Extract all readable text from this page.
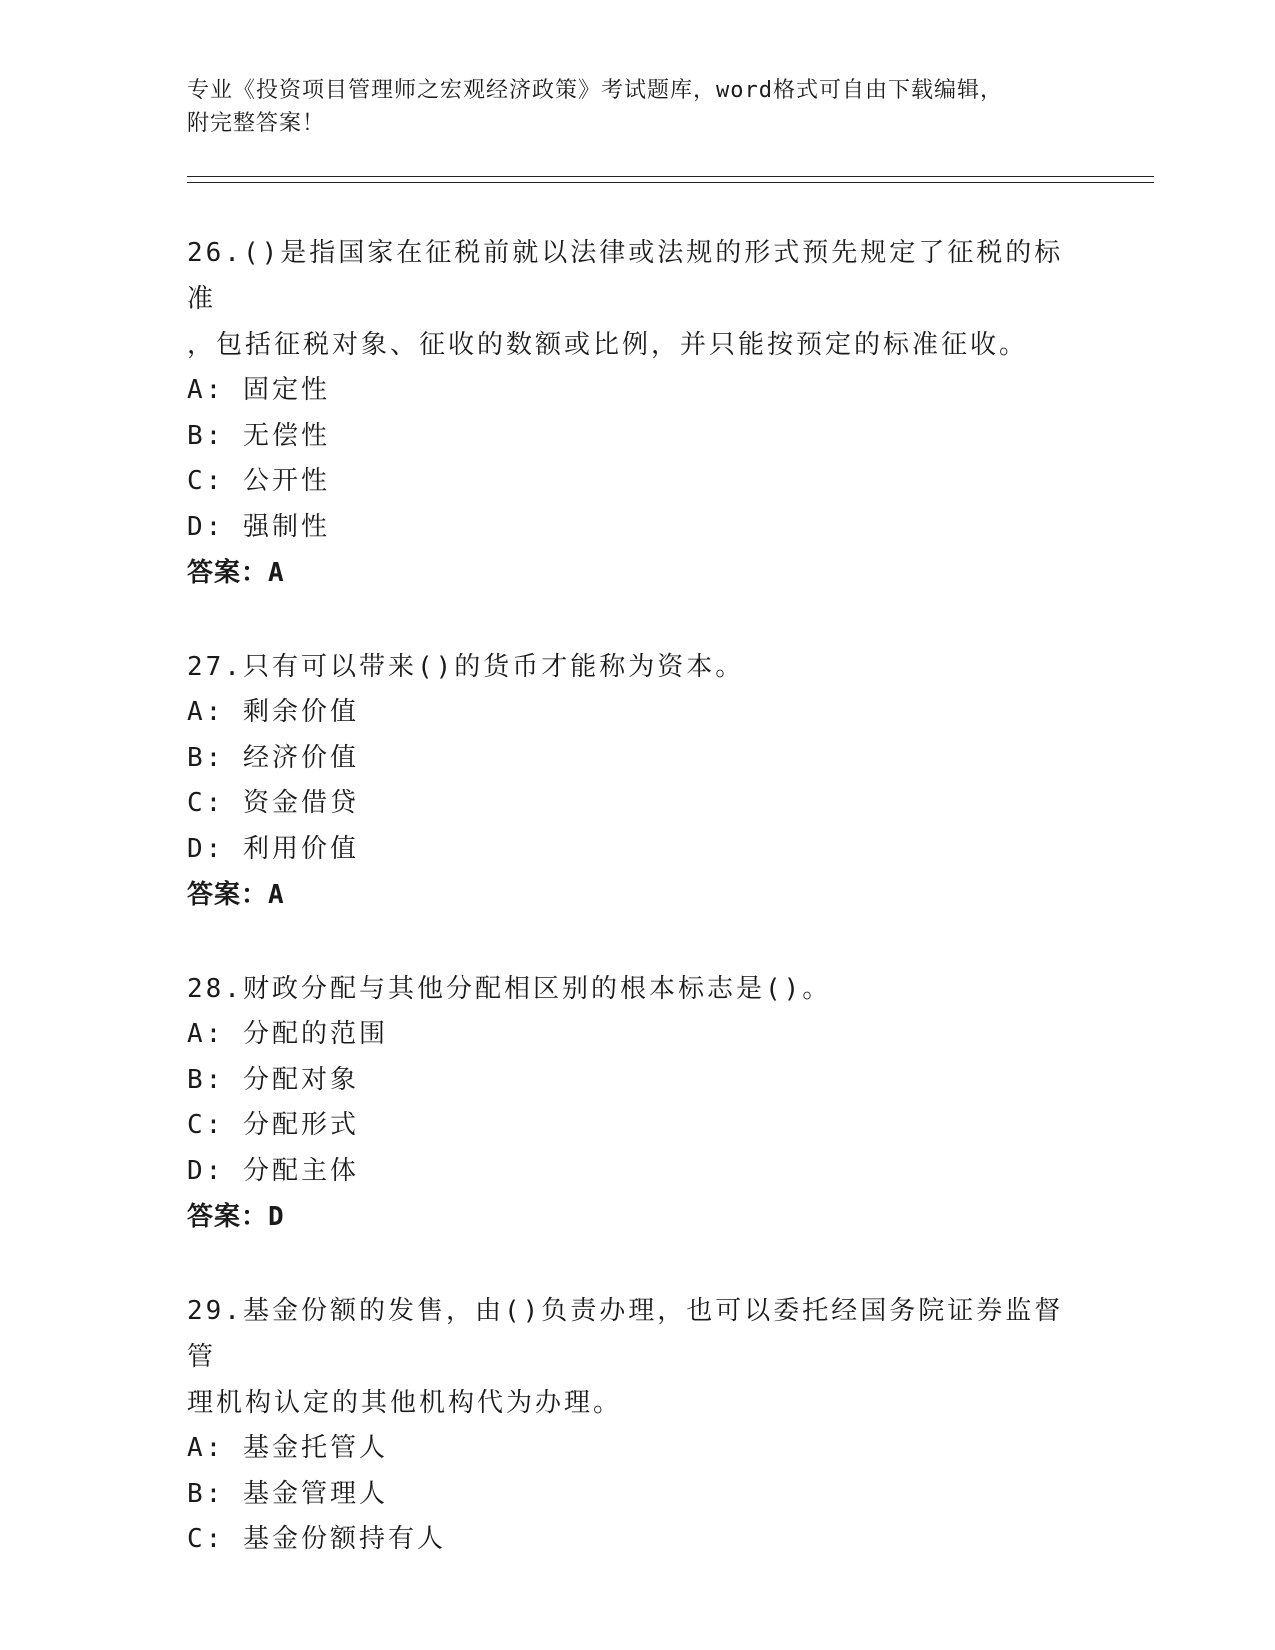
专业《投资项目管理师之宏观经济政策》考试题库，word格式可自由下载编辑，
附完整答案！
26.()是指国家在征税前就以法律或法规的形式预先规定了征税的标准
，包括征税对象、征收的数额或比例，并只能按预定的标准征收。
A: 固定性
B: 无偿性
C: 公开性
D: 强制性
答案：A
27.只有可以带来()的货币才能称为资本。
A: 剩余价值
B: 经济价值
C: 资金借贷
D: 利用价值
答案：A
28.财政分配与其他分配相区别的根本标志是()。
A: 分配的范围
B: 分配对象
C: 分配形式
D: 分配主体
答案：D
29.基金份额的发售，由()负责办理，也可以委托经国务院证券监督管
理机构认定的其他机构代为办理。
A: 基金托管人
B: 基金管理人
C: 基金份额持有人
